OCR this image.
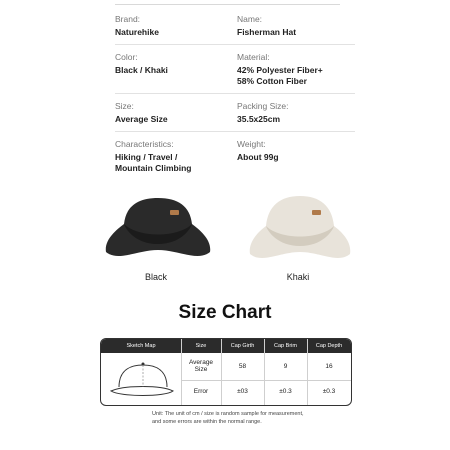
Brand:
Naturehike
Name:
Fisherman Hat
Color:
Black / Khaki
Material:
42% Polyester Fiber+
58% Cotton Fiber
Size:
Average Size
Packing Size:
35.5x25cm
Characteristics:
Hiking / Travel /
Mountain Climbing
Weight:
About 99g
Black	Khaki
Size Chart
Sketch Map	Size	Cap Girth	Cap Brim	Cap Depth
Average
Size	58	9	16
Error	±03	±0.3	±0.3
Unit: The unit of cm / size is random sample for measurement,
and some errors are within the normal range.
